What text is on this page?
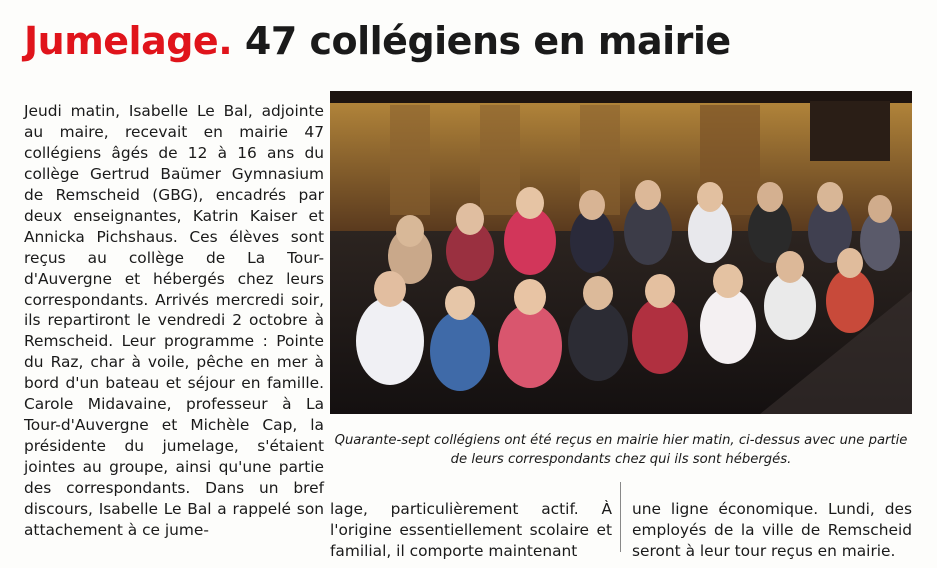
Jumelage. 47 collégiens en mairie

Jeudi matin, Isabelle Le Bal, adjointe au maire, recevait en mairie 47 collégiens âgés de 12 à 16 ans du collège Gertrud Baümer Gymnasium de Remscheid (GBG), encadrés par deux enseignantes, Katrin Kaiser et Annicka Pichshaus. Ces élèves sont reçus au collège de La Tour-d'Auvergne et hébergés chez leurs correspondants. Arrivés mercredi soir, ils repartiront le vendredi 2 octobre à Remscheid. Leur programme : Pointe du Raz, char à voile, pêche en mer à bord d'un bateau et séjour en famille. Carole Midavaine, professeur à La Tour-d'Auvergne et Michèle Cap, la présidente du jumelage, s'étaient jointes au groupe, ainsi qu'une partie des correspondants. Dans un bref discours, Isabelle Le Bal a rappelé son attachement à ce jume-

Quarante-sept collégiens ont été reçus en mairie hier matin, ci-dessus avec une partie de leurs correspondants chez qui ils sont hébergés.

lage, particulièrement actif. À l'origine essentiellement scolaire et familial, il comporte maintenant

une ligne économique. Lundi, des employés de la ville de Remscheid seront à leur tour reçus en mairie.
